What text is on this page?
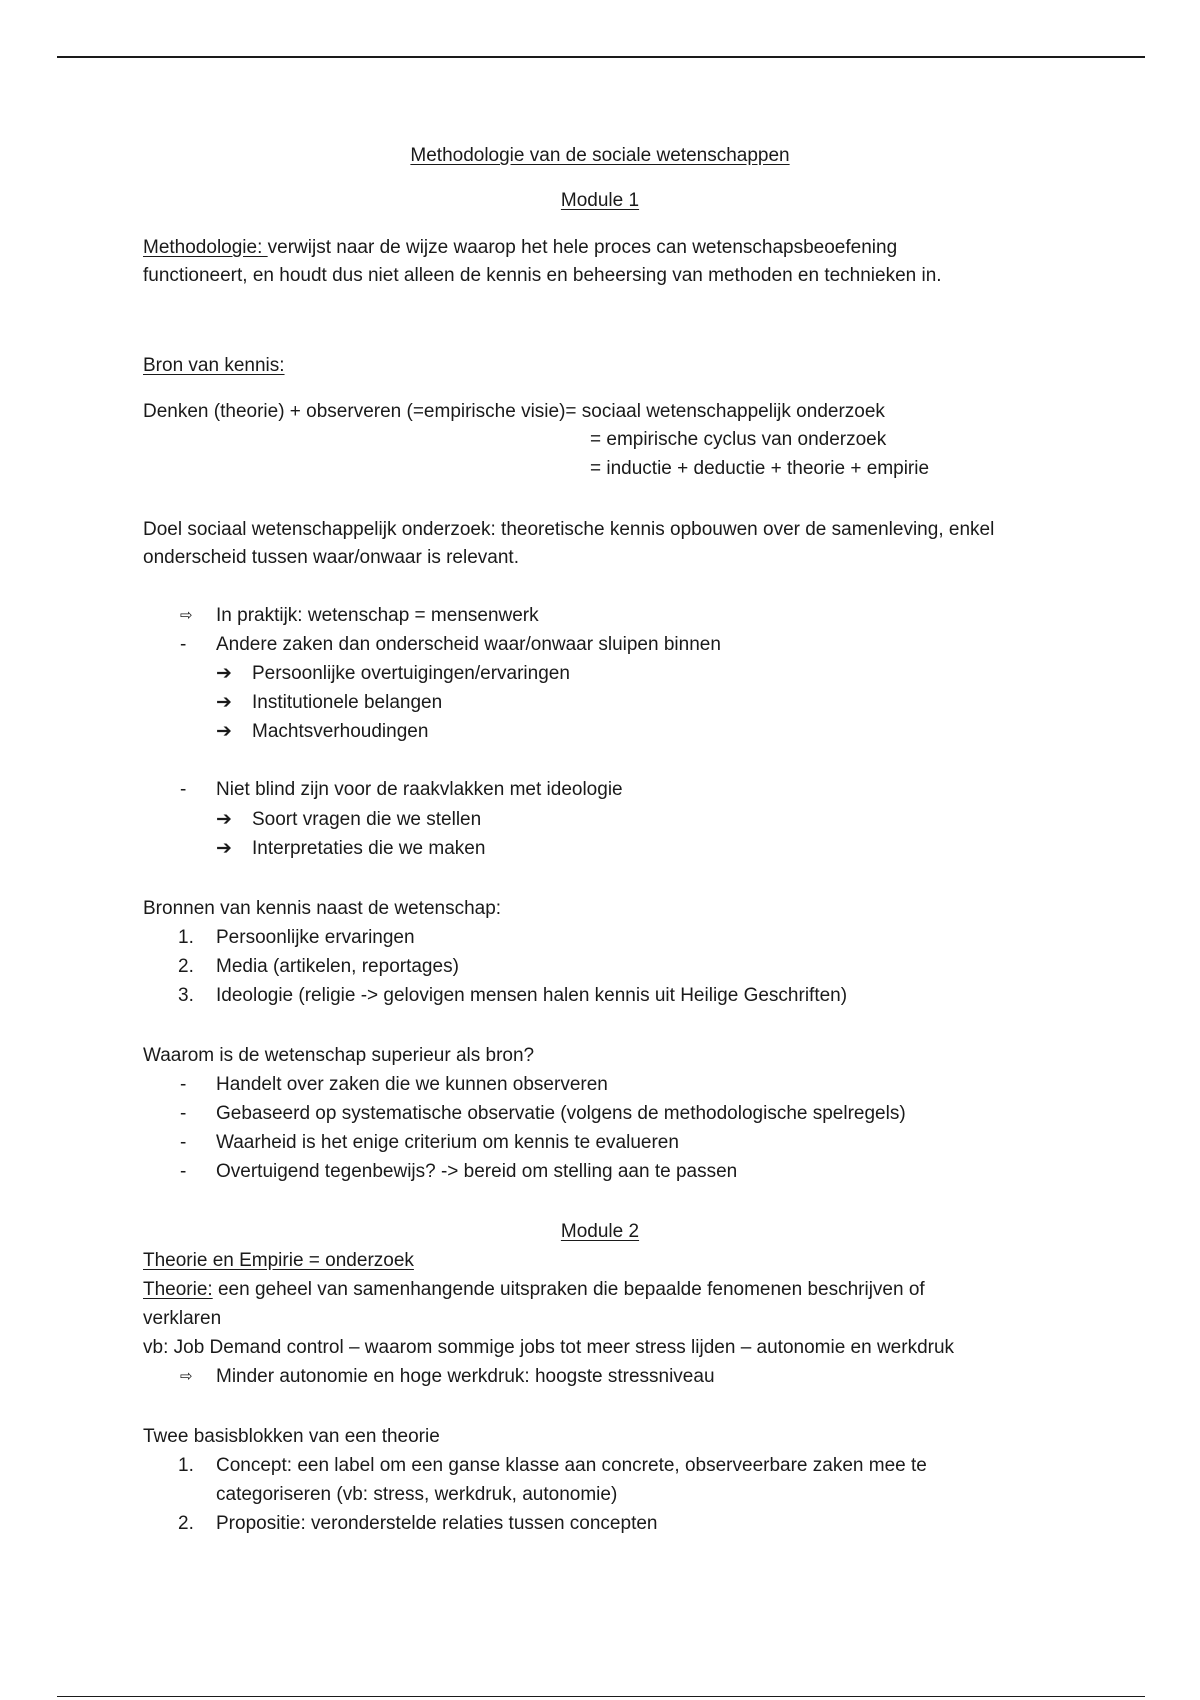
Methodologie van de sociale wetenschappen
Module 1
Methodologie: verwijst naar de wijze waarop het hele proces can wetenschapsbeoefening
functioneert, en houdt dus niet alleen de kennis en beheersing van methoden en technieken in.
Bron van kennis:
Denken (theorie) + observeren (=empirische visie)= sociaal wetenschappelijk onderzoek
= empirische cyclus van onderzoek
= inductie + deductie + theorie + empirie
Doel sociaal wetenschappelijk onderzoek: theoretische kennis opbouwen over de samenleving, enkel
onderscheid tussen waar/onwaar is relevant.
⇨	In praktijk: wetenschap = mensenwerk
-	Andere zaken dan onderscheid waar/onwaar sluipen binnen
➔	Persoonlijke overtuigingen/ervaringen
➔	Institutionele belangen
➔	Machtsverhoudingen
-	Niet blind zijn voor de raakvlakken met ideologie
➔	Soort vragen die we stellen
➔	Interpretaties die we maken
Bronnen van kennis naast de wetenschap:
1.	Persoonlijke ervaringen
2.	Media (artikelen, reportages)
3.	Ideologie (religie -> gelovigen mensen halen kennis uit Heilige Geschriften)
Waarom is de wetenschap superieur als bron?
-	Handelt over zaken die we kunnen observeren
-	Gebaseerd op systematische observatie (volgens de methodologische spelregels)
-	Waarheid is het enige criterium om kennis te evalueren
-	Overtuigend tegenbewijs? -> bereid om stelling aan te passen
Module 2
Theorie en Empirie = onderzoek
Theorie: een geheel van samenhangende uitspraken die bepaalde fenomenen beschrijven of
verklaren
vb: Job Demand control – waarom sommige jobs tot meer stress lijden – autonomie en werkdruk
⇨	Minder autonomie en hoge werkdruk: hoogste stressniveau
Twee basisblokken van een theorie
1.	Concept: een label om een ganse klasse aan concrete, observeerbare zaken mee te
categoriseren (vb: stress, werkdruk, autonomie)
2.	Propositie: veronderstelde relaties tussen concepten
